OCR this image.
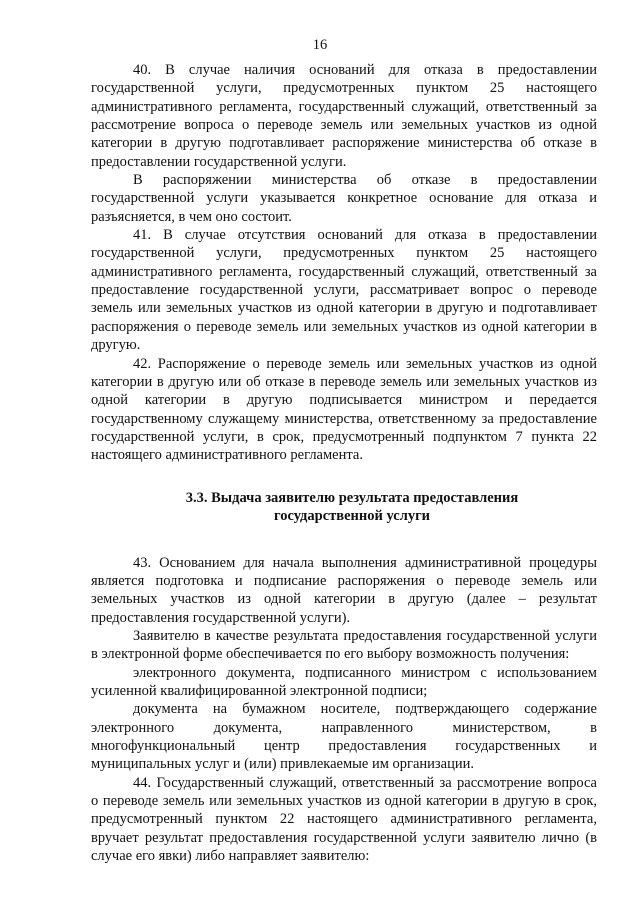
16

40. В случае наличия оснований для отказа в предоставлении государственной услуги, предусмотренных пунктом 25 настоящего административного регламента, государственный служащий, ответственный за рассмотрение вопроса о переводе земель или земельных участков из одной категории в другую подготавливает распоряжение министерства об отказе в предоставлении государственной услуги.

В распоряжении министерства об отказе в предоставлении государственной услуги указывается конкретное основание для отказа и разъясняется, в чем оно состоит.

41. В случае отсутствия оснований для отказа в предоставлении государственной услуги, предусмотренных пунктом 25 настоящего административного регламента, государственный служащий, ответственный за предоставление государственной услуги, рассматривает вопрос о переводе земель или земельных участков из одной категории в другую и подготавливает распоряжения о переводе земель или земельных участков из одной категории в другую.

42. Распоряжение о переводе земель или земельных участков из одной категории в другую или об отказе в переводе земель или земельных участков из одной категории в другую подписывается министром и передается государственному служащему министерства, ответственному за предоставление государственной услуги, в срок, предусмотренный подпунктом 7 пункта 22 настоящего административного регламента.

3.3. Выдача заявителю результата предоставления
государственной услуги

43. Основанием для начала выполнения административной процедуры является подготовка и подписание распоряжения о переводе земель или земельных участков из одной категории в другую (далее – результат предоставления государственной услуги).

Заявителю в качестве результата предоставления государственной услуги в электронной форме обеспечивается по его выбору возможность получения:

электронного документа, подписанного министром с использованием усиленной квалифицированной электронной подписи;

документа на бумажном носителе, подтверждающего содержание электронного документа, направленного министерством, в многофункциональный центр предоставления государственных и муниципальных услуг и (или) привлекаемые им организации.

44. Государственный служащий, ответственный за рассмотрение вопроса о переводе земель или земельных участков из одной категории в другую в срок, предусмотренный пунктом 22 настоящего административного регламента, вручает результат предоставления государственной услуги заявителю лично (в случае его явки) либо направляет заявителю:
